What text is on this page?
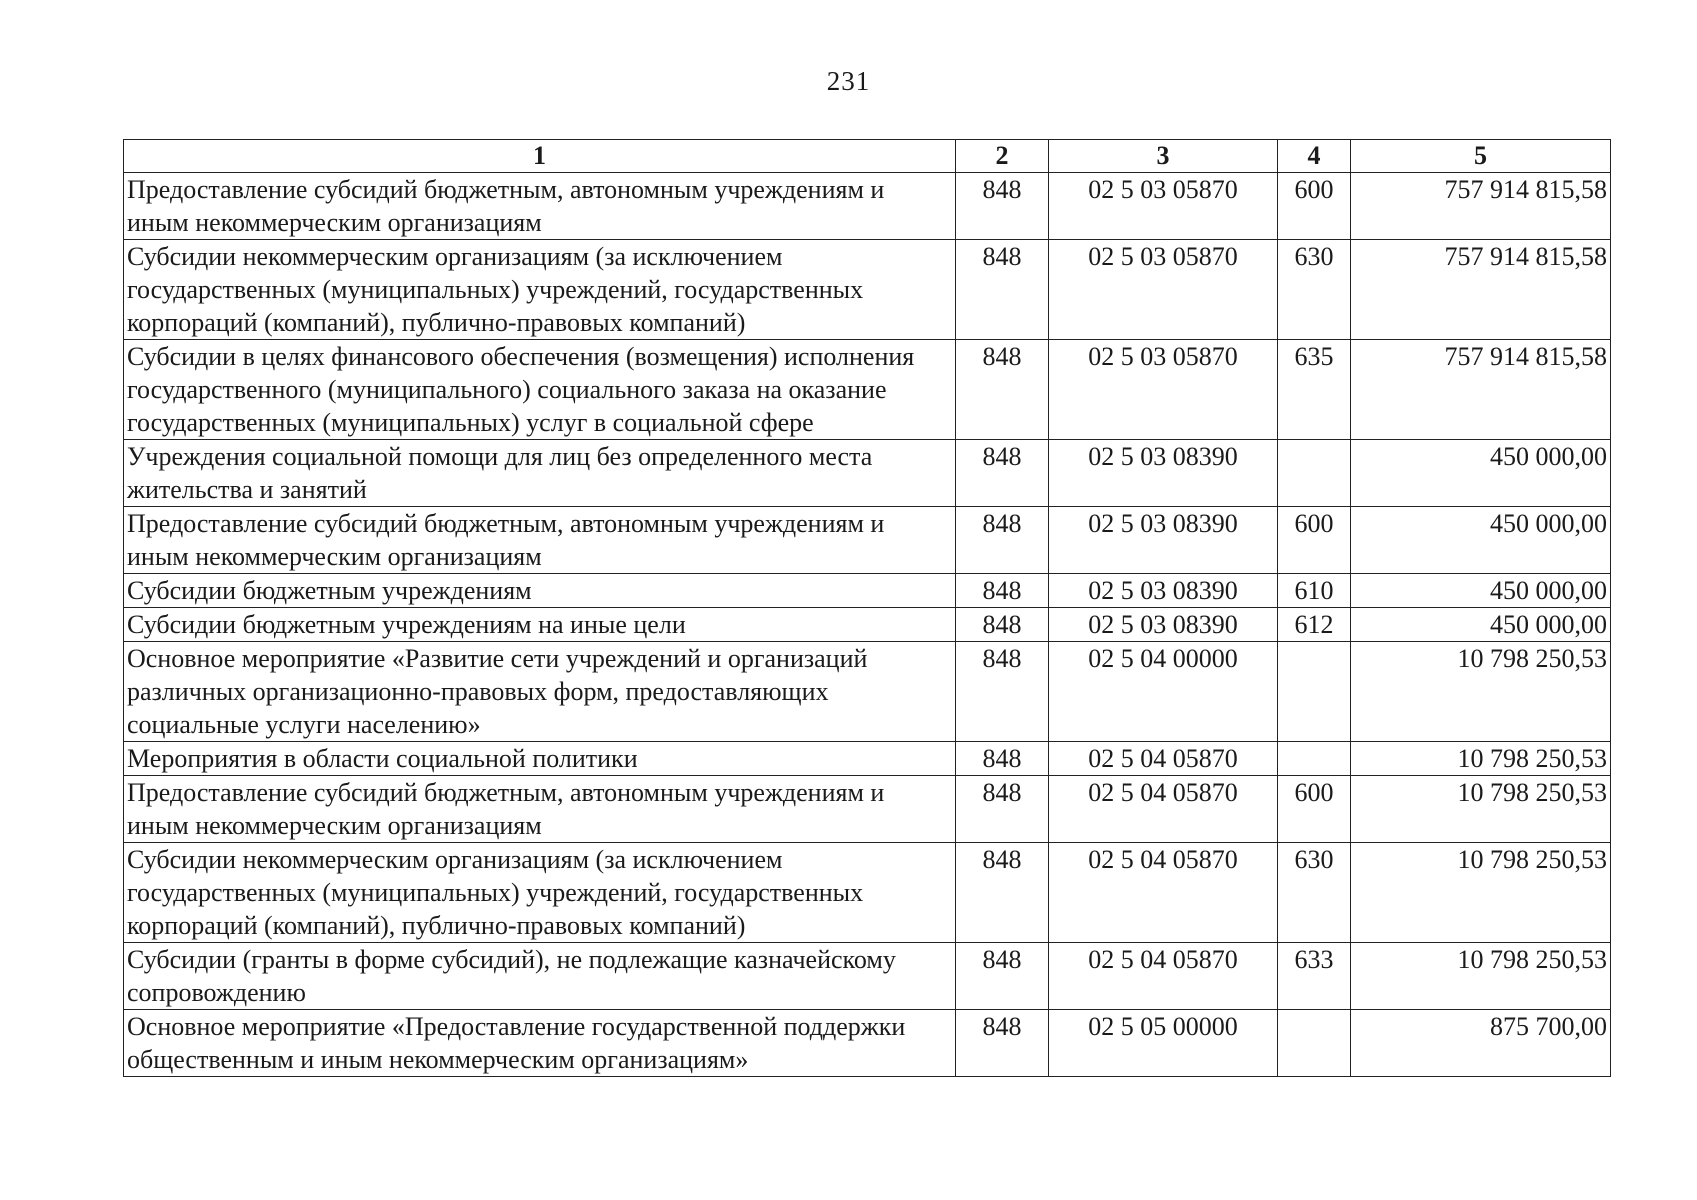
231
1	2	3	4	5
Предоставление субсидий бюджетным, автономным учреждениям и иным некоммерческим организациям	848	02 5 03 05870	600	757 914 815,58
Субсидии некоммерческим организациям (за исключением государственных (муниципальных) учреждений, государственных корпораций (компаний), публично-правовых компаний)	848	02 5 03 05870	630	757 914 815,58
Субсидии в целях финансового обеспечения (возмещения) исполнения государственного (муниципального) социального заказа на оказание государственных (муниципальных) услуг в социальной сфере	848	02 5 03 05870	635	757 914 815,58
Учреждения социальной помощи для лиц без определенного места жительства и занятий	848	02 5 03 08390		450 000,00
Предоставление субсидий бюджетным, автономным учреждениям и иным некоммерческим организациям	848	02 5 03 08390	600	450 000,00
Субсидии бюджетным учреждениям	848	02 5 03 08390	610	450 000,00
Субсидии бюджетным учреждениям на иные цели	848	02 5 03 08390	612	450 000,00
Основное мероприятие «Развитие сети учреждений и организаций различных организационно-правовых форм, предоставляющих социальные услуги населению»	848	02 5 04 00000		10 798 250,53
Мероприятия в области социальной политики	848	02 5 04 05870		10 798 250,53
Предоставление субсидий бюджетным, автономным учреждениям и иным некоммерческим организациям	848	02 5 04 05870	600	10 798 250,53
Субсидии некоммерческим организациям (за исключением государственных (муниципальных) учреждений, государственных корпораций (компаний), публично-правовых компаний)	848	02 5 04 05870	630	10 798 250,53
Субсидии (гранты в форме субсидий), не подлежащие казначейскому сопровождению	848	02 5 04 05870	633	10 798 250,53
Основное мероприятие «Предоставление государственной поддержки общественным и иным некоммерческим организациям»	848	02 5 05 00000		875 700,00
